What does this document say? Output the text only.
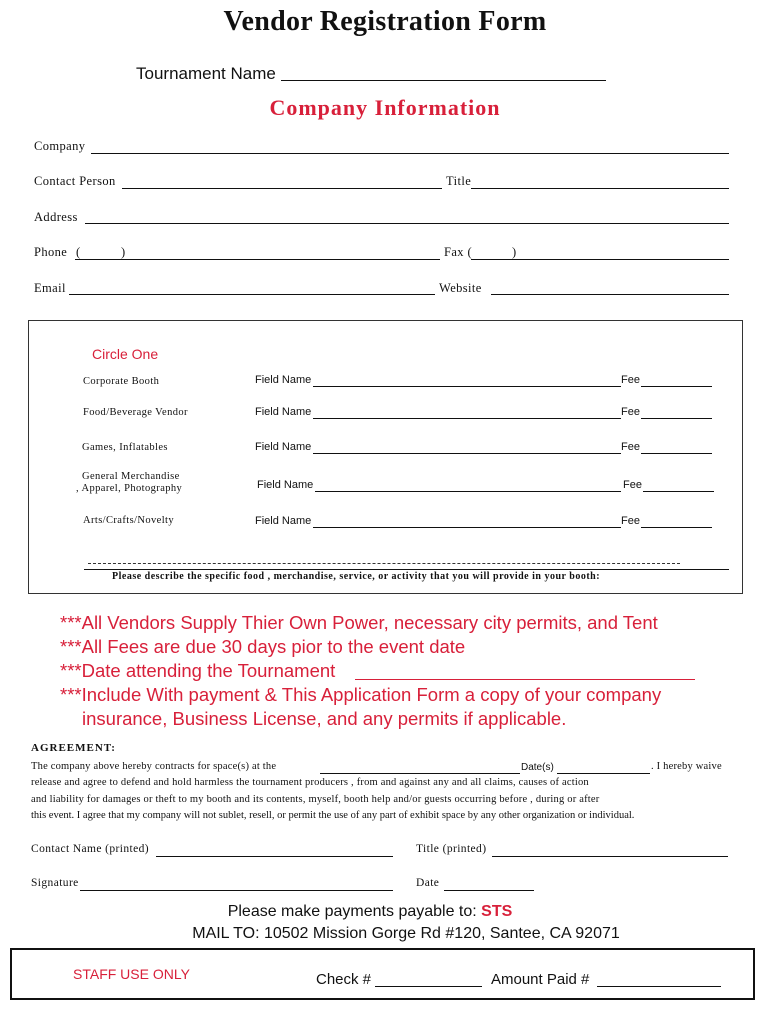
Vendor Registration Form
Tournament Name
Company Information
Company
Contact Person	Title
Address
Phone (	)	Fax (	)
Email	Website
Circle One
Corporate Booth	Field Name	Fee
Food/Beverage Vendor	Field Name	Fee
Games, Inflatables	Field Name	Fee
General Merchandise
, Apparel, Photography	Field Name	Fee
Arts/Crafts/Novelty	Field Name	Fee
Please describe the specific food , merchandise, service, or activity that you will provide in your booth:
***All Vendors Supply Thier Own Power, necessary city permits, and Tent
***All Fees are due 30 days pior to the event date
***Date attending the Tournament
***Include With payment & This Application Form a copy of your company
insurance, Business License, and any permits if applicable.
AGREEMENT:
The company above hereby contracts for space(s) at the	Date(s)	. I hereby waive
release and agree to defend and hold harmless the tournament producers , from and against any and all claims, causes of action
and liability for damages or theft to my booth and its contents, myself, booth help and/or guests occurring before , during or after
this event. I agree that my company will not sublet, resell, or permit the use of any part of exhibit space by any other organization or individual.
Contact Name (printed)	Title (printed)
Signature	Date
Please make payments payable to: STS
MAIL TO: 10502 Mission Gorge Rd #120, Santee, CA 92071
STAFF USE ONLY	Check #	Amount Paid #
